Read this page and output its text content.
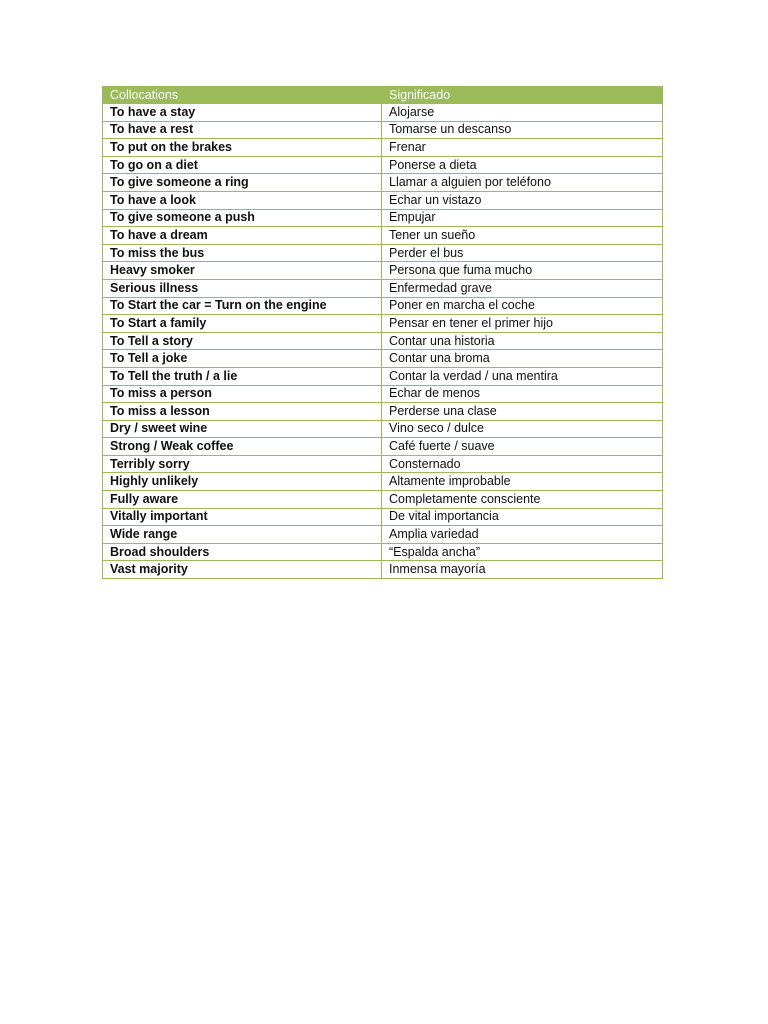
Collocations	Significado
To have a stay	Alojarse
To have a rest	Tomarse un descanso
To put on the brakes	Frenar
To go on a diet	Ponerse a dieta
To give someone a ring	Llamar a alguien por teléfono
To have a look	Echar un vistazo
To give someone a push	Empujar
To have a dream	Tener un sueño
To miss the bus	Perder el bus
Heavy smoker	Persona que fuma mucho
Serious illness	Enfermedad grave
To Start the car = Turn on the engine	Poner en marcha el coche
To Start a family	Pensar en tener el primer hijo
To Tell a story	Contar una historia
To Tell a joke	Contar una broma
To Tell the truth / a lie	Contar la verdad / una mentira
To miss a person	Echar de menos
To miss a lesson	Perderse una clase
Dry / sweet wine	Vino seco / dulce
Strong / Weak coffee	Café fuerte / suave
Terribly sorry	Consternado
Highly unlikely	Altamente improbable
Fully aware	Completamente consciente
Vitally important	De vital importancia
Wide range	Amplia variedad
Broad shoulders	“Espalda ancha”
Vast majority	Inmensa mayoría
